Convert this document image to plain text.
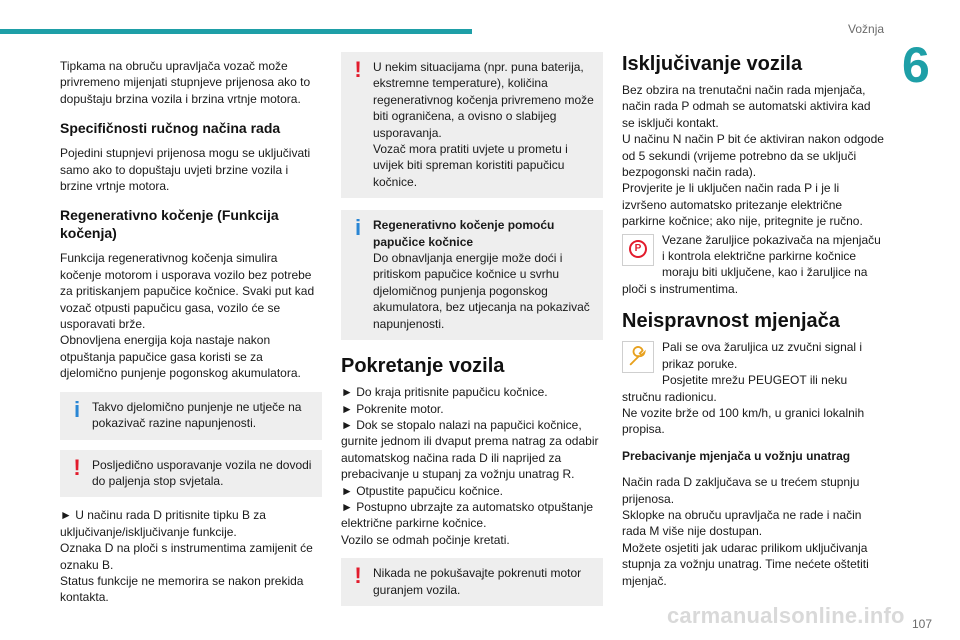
Vožnja
6

Tipkama na obruču upravljača vozač može privremeno mijenjati stupnjeve prijenosa ako to dopuštaju brzina vozila i brzina vrtnje motora.

Specifičnosti ručnog načina rada

Pojedini stupnjevi prijenosa mogu se uključivati samo ako to dopuštaju uvjeti brzine vozila i brzine vrtnje motora.

Regenerativno kočenje (Funkcija kočenja)

Funkcija regenerativnog kočenja simulira kočenje motorom i usporava vozilo bez potrebe za pritiskanjem papučice kočnice. Svaki put kad vozač otpusti papučicu gasa, vozilo će se usporavati brže.
Obnovljena energija koja nastaje nakon otpuštanja papučice gasa koristi se za djelomično punjenje pogonskog akumulatora.

i Takvo djelomično punjenje ne utječe na pokazivač razine napunjenosti.

! Posljedično usporavanje vozila ne dovodi do paljenja stop svjetala.

► U načinu rada D pritisnite tipku B za uključivanje/isključivanje funkcije.

Oznaka D na ploči s instrumentima zamijenit će oznaku B.

Status funkcije ne memorira se nakon prekida kontakta.

! U nekim situacijama (npr. puna baterija, ekstremne temperature), količina regenerativnog kočenja privremeno može biti ograničena, a ovisno o slabijeg usporavanja.
Vozač mora pratiti uvjete u prometu i uvijek biti spreman koristiti papučicu kočnice.

i Regenerativno kočenje pomoću papučice kočnice

Do obnavljanja energije može doći i pritiskom papučice kočnice u svrhu djelomičnog punjenja pogonskog akumulatora, bez utjecanja na pokazivač napunjenosti.

Pokretanje vozila

► Do kraja pritisnite papučicu kočnice.

► Pokrenite motor.

► Dok se stopalo nalazi na papučici kočnice, gurnite jednom ili dvaput prema natrag za odabir automatskog načina rada D ili naprijed za prebacivanje u stupanj za vožnju unatrag R.

► Otpustite papučicu kočnice.

► Postupno ubrzajte za automatsko otpuštanje električne parkirne kočnice.

Vozilo se odmah počinje kretati.

! Nikada ne pokušavajte pokrenuti motor guranjem vozila.

Isključivanje vozila

Bez obzira na trenutačni način rada mjenjača, način rada P odmah se automatski aktivira kad se isključi kontakt.
U načinu N način P bit će aktiviran nakon odgode od 5 sekundi (vrijeme potrebno da se uključi bezpogonski način rada).
Provjerite je li uključen način rada P i je li izvršeno automatsko pritezanje električne parkirne kočnice; ako nije, pritegnite je ručno.

P

Vezane žaruljice pokazivača na mjenjaču i kontrola električne parkirne kočnice moraju biti uključene, kao i žaruljice na ploči s instrumentima.

Neispravnost mjenjača

Pali se ova žaruljica uz zvučni signal i prikaz poruke.

Posjetite mrežu PEUGEOT ili neku stručnu radionicu.
Ne vozite brže od 100 km/h, u granici lokalnih propisa.

Prebacivanje mjenjača u vožnju unatrag

Način rada D zaključava se u trećem stupnju prijenosa.
Sklopke na obruču upravljača ne rade i način rada M više nije dostupan.
Možete osjetiti jak udarac prilikom uključivanja stupnja za vožnju unatrag. Time nećete oštetiti mjenjač.

carmanualsonline.info 107
